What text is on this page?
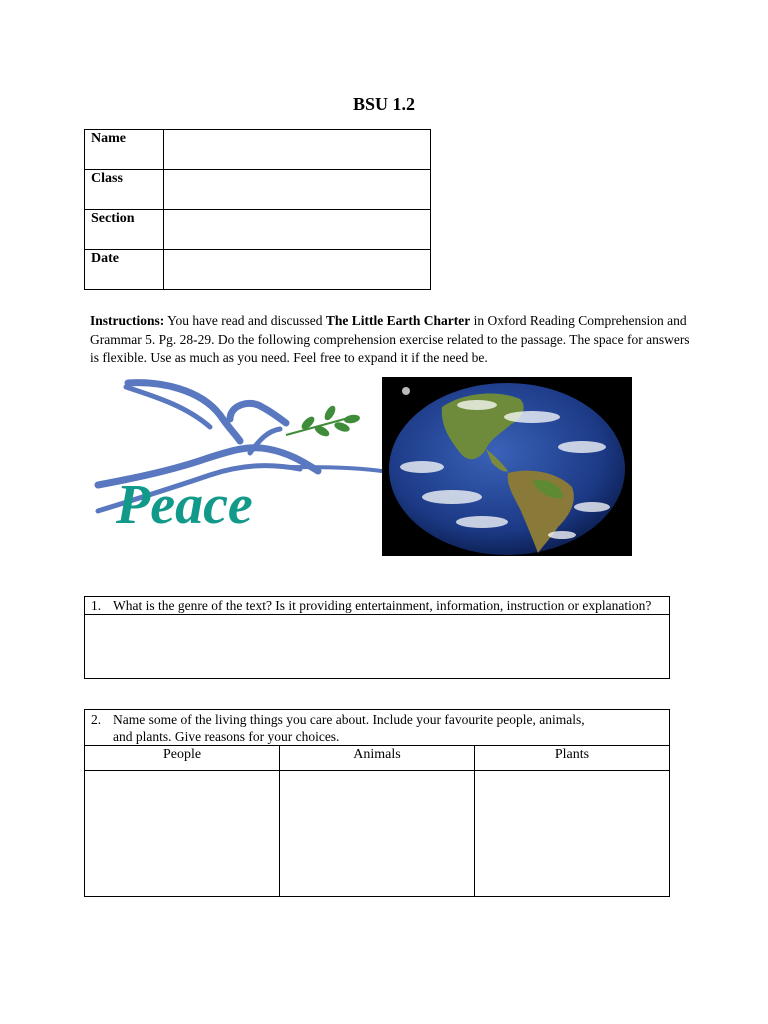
BSU 1.2
Name	
Class	
Section	
Date	
Instructions: You have read and discussed The Little Earth Charter in Oxford Reading Comprehension and Grammar 5. Pg. 28-29. Do the following comprehension exercise related to the passage. The space for answers is flexible. Use as much as you need. Feel free to expand it if the need be.
Peace
1. What is the genre of the text? Is it providing entertainment, information, instruction or explanation?
2. Name some of the living things you care about. Include your favourite people, animals,
and plants. Give reasons for your choices.
People	Animals	Plants
